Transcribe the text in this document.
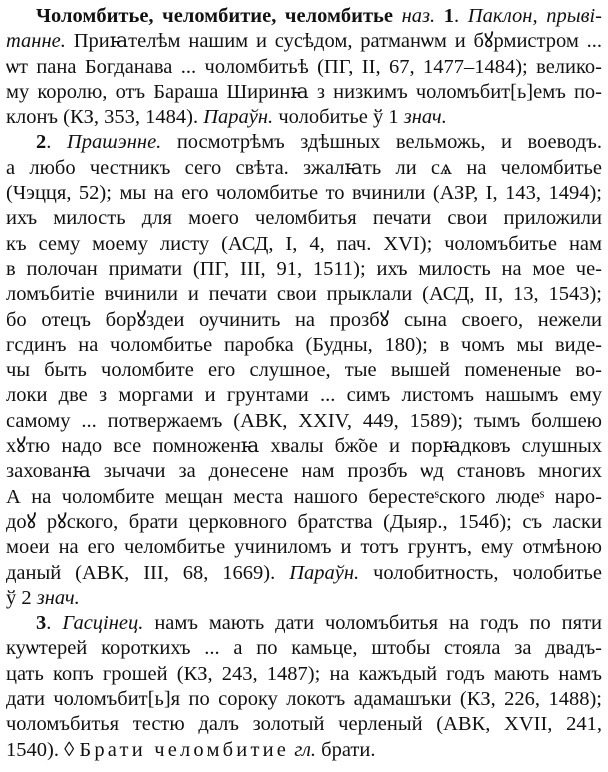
Чоломбитье, челомбитие, челомбитье наз. 1. Паклон, прыві-
танне. Приꙗтелѣм нашим и сусѣдом, ратманѡм и бꙋрмистром ...
ѡт пана Богданава ... чоломбитьѣ (ПГ, II, 67, 1477–1484); велико-
му королю, отъ Бараша Ширинꙗ з низкимъ чоломъбит[ь]емъ по-
клонъ (КЗ, 353, 1484). Параўн. чолобитье ў 1 знач.
2. Прашэнне. посмотрѣмъ здѣшных вельможь, и воеводъ.
а любо честникъ сего свѣта. зжалꙗть ли сѧ на челомбитье
(Чэцця, 52); мы на его чоломбитье то вчинили (АЗР, I, 143, 1494);
ихъ милость для моего челомбитья печати свои приложили
къ сему моему листу (АСД, I, 4, пач. XVI); чоломъбитье нам
в полочан примати (ПГ, III, 91, 1511); ихъ милость на мое че-
ломъбитіе вчинили и печати свои прыклали (АСД, II, 13, 1543);
бо отецъ борꙋздеи оучинить на прозбꙋ сына своего, нежели
гсдинъ на чоломбитье паробка (Будны, 180); в чомъ мы виде-
чы быть чоломбите его слушное, тые вышей помененые во-
локи две з моргами и грунтами ... симъ листомъ нашымъ ему
самому ... потвержаемъ (АВК, XXIV, 449, 1589); тымъ болшею
хꙋтю надо все помноженꙗ хвалы бж̃ое и порꙗдковъ слушных
захованꙗ зычачи за донесене нам прозбъ ѡд становъ многих
А на чоломбите мещан места нашого берестеˢского людеˢ наро-
доꙋ рꙋского, брати церковного братства (Дыяр., 154б); съ ласки
моеи на его челомбитье учиниломъ и тотъ грунтъ, ему отмѣною
даный (АВК, III, 68, 1669). Параўн. чолобитность, чолобитье
ў 2 знач.
3. Гасцінец. намъ мають дати чоломъбитья на годъ по пяти
куѡтерей короткихъ ... а по камьце, штобы стояла за двадъ-
цать копъ грошей (КЗ, 243, 1487); на кажъдый годъ мають намъ
дати чоломъбит[ь]я по сороку локотъ адамашъки (КЗ, 226, 1488);
чоломъбитья тестю далъ золотый черленый (АВК, XVII, 241,
1540). ◊ Брати челомбитие гл. брати.
